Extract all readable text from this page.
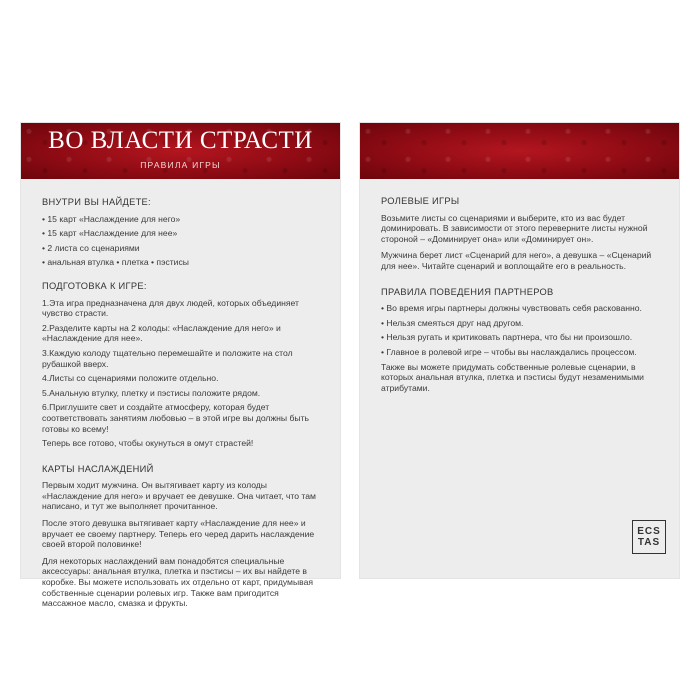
ВО ВЛАСТИ СТРАСТИ
ПРАВИЛА ИГРЫ
ВНУТРИ ВЫ НАЙДЕТЕ:
• 15 карт «Наслаждение для него»
• 15 карт «Наслаждение для нее»
• 2 листа со сценариями
• анальная втулка • плетка • пэстисы
ПОДГОТОВКА К ИГРЕ:
1.Эта игра предназначена для двух людей, которых объединяет чувство страсти.
2.Разделите карты на 2 колоды: «Наслаждение для него» и «Наслаждение для нее».
3.Каждую колоду тщательно перемешайте и положите на стол рубашкой вверх.
4.Листы со сценариями положите отдельно.
5.Анальную втулку, плетку и пэстисы положите рядом.
6.Приглушите свет и создайте атмосферу, которая будет соответствовать занятиям любовью – в этой игре вы должны быть готовы ко всему!
Теперь все готово, чтобы окунуться в омут страстей!
КАРТЫ НАСЛАЖДЕНИЙ
Первым ходит мужчина. Он вытягивает карту из колоды «Наслаждение для него» и вручает ее девушке. Она читает, что там написано, и тут же выполняет прочитанное.
После этого девушка вытягивает карту «Наслаждение для нее» и вручает ее своему партнеру. Теперь его черед дарить наслаждение своей второй половинке!
Для некоторых наслаждений вам понадобятся специальные аксессуары: анальная втулка, плетка и пэстисы – их вы найдете в коробке. Вы можете использовать их отдельно от карт, придумывая собственные сценарии ролевых игр. Также вам пригодится массажное масло, смазка и фрукты.
РОЛЕВЫЕ ИГРЫ
Возьмите листы со сценариями и выберите, кто из вас будет доминировать. В зависимости от этого переверните листы нужной стороной – «Доминирует она» или «Доминирует он».
Мужчина берет лист «Сценарий для него», а девушка – «Сценарий для нее». Читайте сценарий и воплощайте его в реальность.
ПРАВИЛА ПОВЕДЕНИЯ ПАРТНЕРОВ
• Во время игры партнеры должны чувствовать себя раскованно.
• Нельзя смеяться друг над другом.
• Нельзя ругать и критиковать партнера, что бы ни произошло.
• Главное в ролевой игре – чтобы вы наслаждались процессом.
Также вы можете придумать собственные ролевые сценарии, в которых анальная втулка, плетка и пэстисы будут незаменимыми атрибутами.
ЕCS
TAS
